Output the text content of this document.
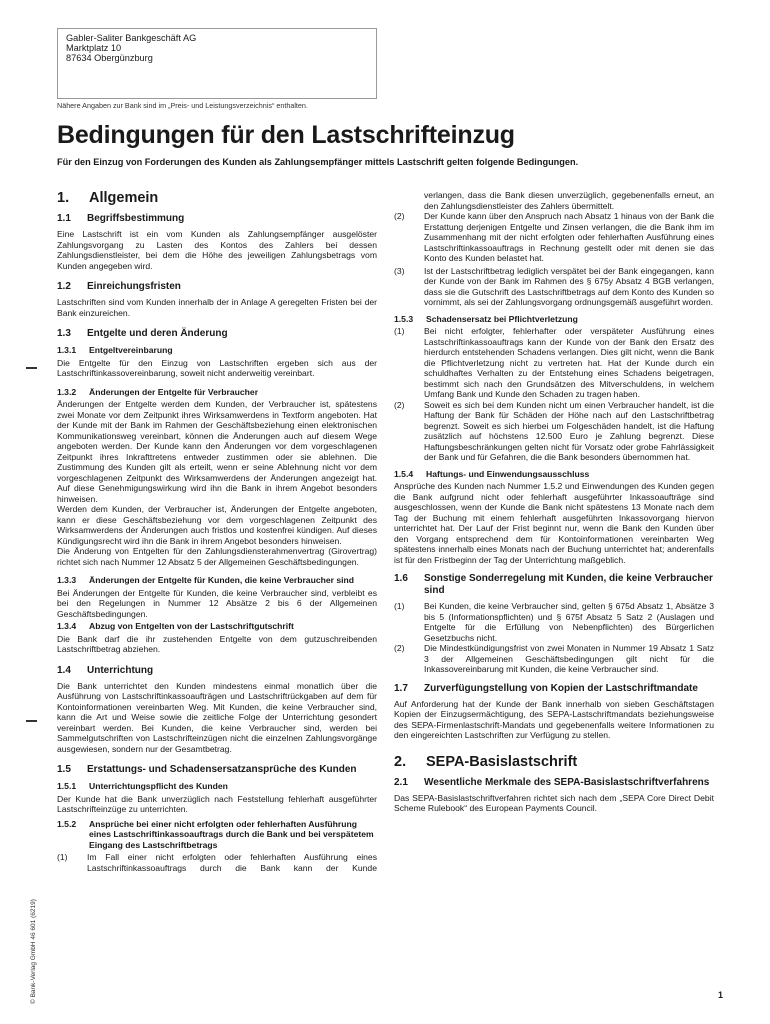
Gabler-Saliter Bankgeschäft AG
Marktplatz 10
87634 Obergünzburg
Nähere Angaben zur Bank sind im „Preis- und Leistungsverzeichnis“ enthalten.
Bedingungen für den Lastschrifteinzug
Für den Einzug von Forderungen des Kunden als Zahlungsempfänger mittels Lastschrift gelten folgende Bedingungen.
1.	Allgemein
1.1	Begriffsbestimmung

Eine Lastschrift ist ein vom Kunden als Zahlungsempfänger ausgelöster Zahlungsvorgang zu Lasten des Kontos des Zahlers bei dessen Zahlungsdienstleister, bei dem die Höhe des jeweiligen Zahlungsbetrags vom Kunden angegeben wird.

1.2	Einreichungsfristen

Lastschriften sind vom Kunden innerhalb der in Anlage A geregelten Fristen bei der Bank einzureichen.

1.3	Entgelte und deren Änderung
1.3.1	Entgeltvereinbarung

Die Entgelte für den Einzug von Lastschriften ergeben sich aus der Lastschriftinkassovereinbarung, soweit nicht anderweitig vereinbart.

1.3.2	Änderungen der Entgelte für Verbraucher

Änderungen der Entgelte werden dem Kunden, der Verbraucher ist, spätestens zwei Monate vor dem Zeitpunkt ihres Wirksamwerdens in Textform angeboten. Hat der Kunde mit der Bank im Rahmen der Geschäftsbeziehung einen elektronischen Kommunikationsweg vereinbart, können die Änderungen auch auf diesem Wege angeboten werden. Der Kunde kann den Änderungen vor dem vorgeschlagenen Zeitpunkt ihres Inkrafttretens entweder zustimmen oder sie ablehnen. Die Zustimmung des Kunden gilt als erteilt, wenn er seine Ablehnung nicht vor dem vorgeschlagenen Zeitpunkt des Wirksamwerdens der Änderungen angezeigt hat. Auf diese Genehmigungswirkung wird ihn die Bank in ihrem Angebot besonders hinweisen.

Werden dem Kunden, der Verbraucher ist, Änderungen der Entgelte angeboten, kann er diese Geschäftsbeziehung vor dem vorgeschlagenen Zeitpunkt des Wirksamwerdens der Änderungen auch fristlos und kostenfrei kündigen. Auf dieses Kündigungsrecht wird ihn die Bank in ihrem Angebot besonders hinweisen.

Die Änderung von Entgelten für den Zahlungsdiensterahmenvertrag (Girovertrag) richtet sich nach Nummer 12 Absatz 5 der Allgemeinen Geschäftsbedingungen.

1.3.3	Änderungen der Entgelte für Kunden, die keine Verbraucher sind

Bei Änderungen der Entgelte für Kunden, die keine Verbraucher sind, verbleibt es bei den Regelungen in Nummer 12 Absätze 2 bis 6 der Allgemeinen Geschäftsbedingungen.

1.3.4	Abzug von Entgelten von der Lastschriftgutschrift

Die Bank darf die ihr zustehenden Entgelte von dem gutzuschreibenden Lastschriftbetrag abziehen.

1.4	Unterrichtung

Die Bank unterrichtet den Kunden mindestens einmal monatlich über die Ausführung von Lastschriftinkassoaufträgen und Lastschriftrückgaben auf dem für Kontoinformationen vereinbarten Weg. Mit Kunden, die keine Verbraucher sind, kann die Art und Weise sowie die zeitliche Folge der Unterrichtung gesondert vereinbart werden. Bei Kunden, die keine Verbraucher sind, werden bei Sammelgutschriften von Lastschrifteinzügen nicht die einzelnen Zahlungsvorgänge ausgewiesen, sondern nur der Gesamtbetrag.

1.5	Erstattungs- und Schadensersatzansprüche des Kunden
1.5.1	Unterrichtungspflicht des Kunden

Der Kunde hat die Bank unverzüglich nach Feststellung fehlerhaft ausgeführter Lastschrifteinzüge zu unterrichten.

1.5.2	Ansprüche bei einer nicht erfolgten oder fehlerhaften Ausführung eines Lastschriftinkassoauftrags durch die Bank und bei verspätetem Eingang des Lastschriftbetrags
(1)	Im Fall einer nicht erfolgten oder fehlerhaften Ausführung eines Lastschriftinkassoauftrags durch die Bank kann der Kunde
verlangen, dass die Bank diesen unverzüglich, gegebenenfalls erneut, an den Zahlungsdienstleister des Zahlers übermittelt.
(2)	Der Kunde kann über den Anspruch nach Absatz 1 hinaus von der Bank die Erstattung derjenigen Entgelte und Zinsen verlangen, die die Bank ihm im Zusammenhang mit der nicht erfolgten oder fehlerhaften Ausführung eines Lastschriftinkassoauftrags in Rechnung gestellt oder mit denen sie das Konto des Kunden belastet hat.
(3)	Ist der Lastschriftbetrag lediglich verspätet bei der Bank eingegangen, kann der Kunde von der Bank im Rahmen des § 675y Absatz 4 BGB verlangen, dass sie die Gutschrift des Lastschriftbetrags auf dem Konto des Kunden so vornimmt, als sei der Zahlungsvorgang ordnungsgemäß ausgeführt worden.
1.5.3	Schadensersatz bei Pflichtverletzung
(1)	Bei nicht erfolgter, fehlerhafter oder verspäteter Ausführung eines Lastschriftinkassoauftrags kann der Kunde von der Bank den Ersatz des hierdurch entstehenden Schadens verlangen. Dies gilt nicht, wenn die Bank die Pflichtverletzung nicht zu vertreten hat. Hat der Kunde durch ein schuldhaftes Verhalten zu der Entstehung eines Schadens beigetragen, bestimmt sich nach den Grundsätzen des Mitverschuldens, in welchem Umfang Bank und Kunde den Schaden zu tragen haben.
(2)	Soweit es sich bei dem Kunden nicht um einen Verbraucher handelt, ist die Haftung der Bank für Schäden der Höhe nach auf den Lastschriftbetrag begrenzt. Soweit es sich hierbei um Folgeschäden handelt, ist die Haftung zusätzlich auf höchstens 12.500 Euro je Zahlung begrenzt. Diese Haftungsbeschränkungen gelten nicht für Vorsatz oder grobe Fahrlässigkeit der Bank und für Gefahren, die die Bank besonders übernommen hat.
1.5.4	Haftungs- und Einwendungsausschluss

Ansprüche des Kunden nach Nummer 1.5.2 und Einwendungen des Kunden gegen die Bank aufgrund nicht oder fehlerhaft ausgeführter Inkassoaufträge sind ausgeschlossen, wenn der Kunde die Bank nicht spätestens 13 Monate nach dem Tag der Buchung mit einem fehlerhaft ausgeführten Inkassovorgang hiervon unterrichtet hat. Der Lauf der Frist beginnt nur, wenn die Bank den Kunden über den Vorgang entsprechend dem für Kontoinformationen vereinbarten Weg spätestens innerhalb eines Monats nach der Buchung unterrichtet hat; anderenfalls ist für den Fristbeginn der Tag der Unterrichtung maßgeblich.

1.6	Sonstige Sonderregelung mit Kunden, die keine Verbraucher sind
(1)	Bei Kunden, die keine Verbraucher sind, gelten § 675d Absatz 1, Absätze 3 bis 5 (Informationspflichten) und § 675f Absatz 5 Satz 2 (Auslagen und Entgelte für die Erfüllung von Nebenpflichten) des Bürgerlichen Gesetzbuchs nicht.
(2)	Die Mindestkündigungsfrist von zwei Monaten in Nummer 19 Absatz 1 Satz 3 der Allgemeinen Geschäftsbedingungen gilt nicht für die Inkassovereinbarung mit Kunden, die keine Verbraucher sind.
1.7	Zurverfügungstellung von Kopien der Lastschriftmandate

Auf Anforderung hat der Kunde der Bank innerhalb von sieben Geschäftstagen Kopien der Einzugsermächtigung, des SEPA-Lastschriftmandats beziehungsweise des SEPA-Firmenlastschrift-Mandats und gegebenenfalls weitere Informationen zu den eingereichten Lastschriften zur Verfügung zu stellen.

2.	SEPA-Basislastschrift
2.1	Wesentliche Merkmale des SEPA-Basislastschriftverfahrens

Das SEPA-Basislastschriftverfahren richtet sich nach dem „SEPA Core Direct Debit Scheme Rulebook“ des European Payments Council.

© Bank-Verlag GmbH 46 601 (6219)	1
